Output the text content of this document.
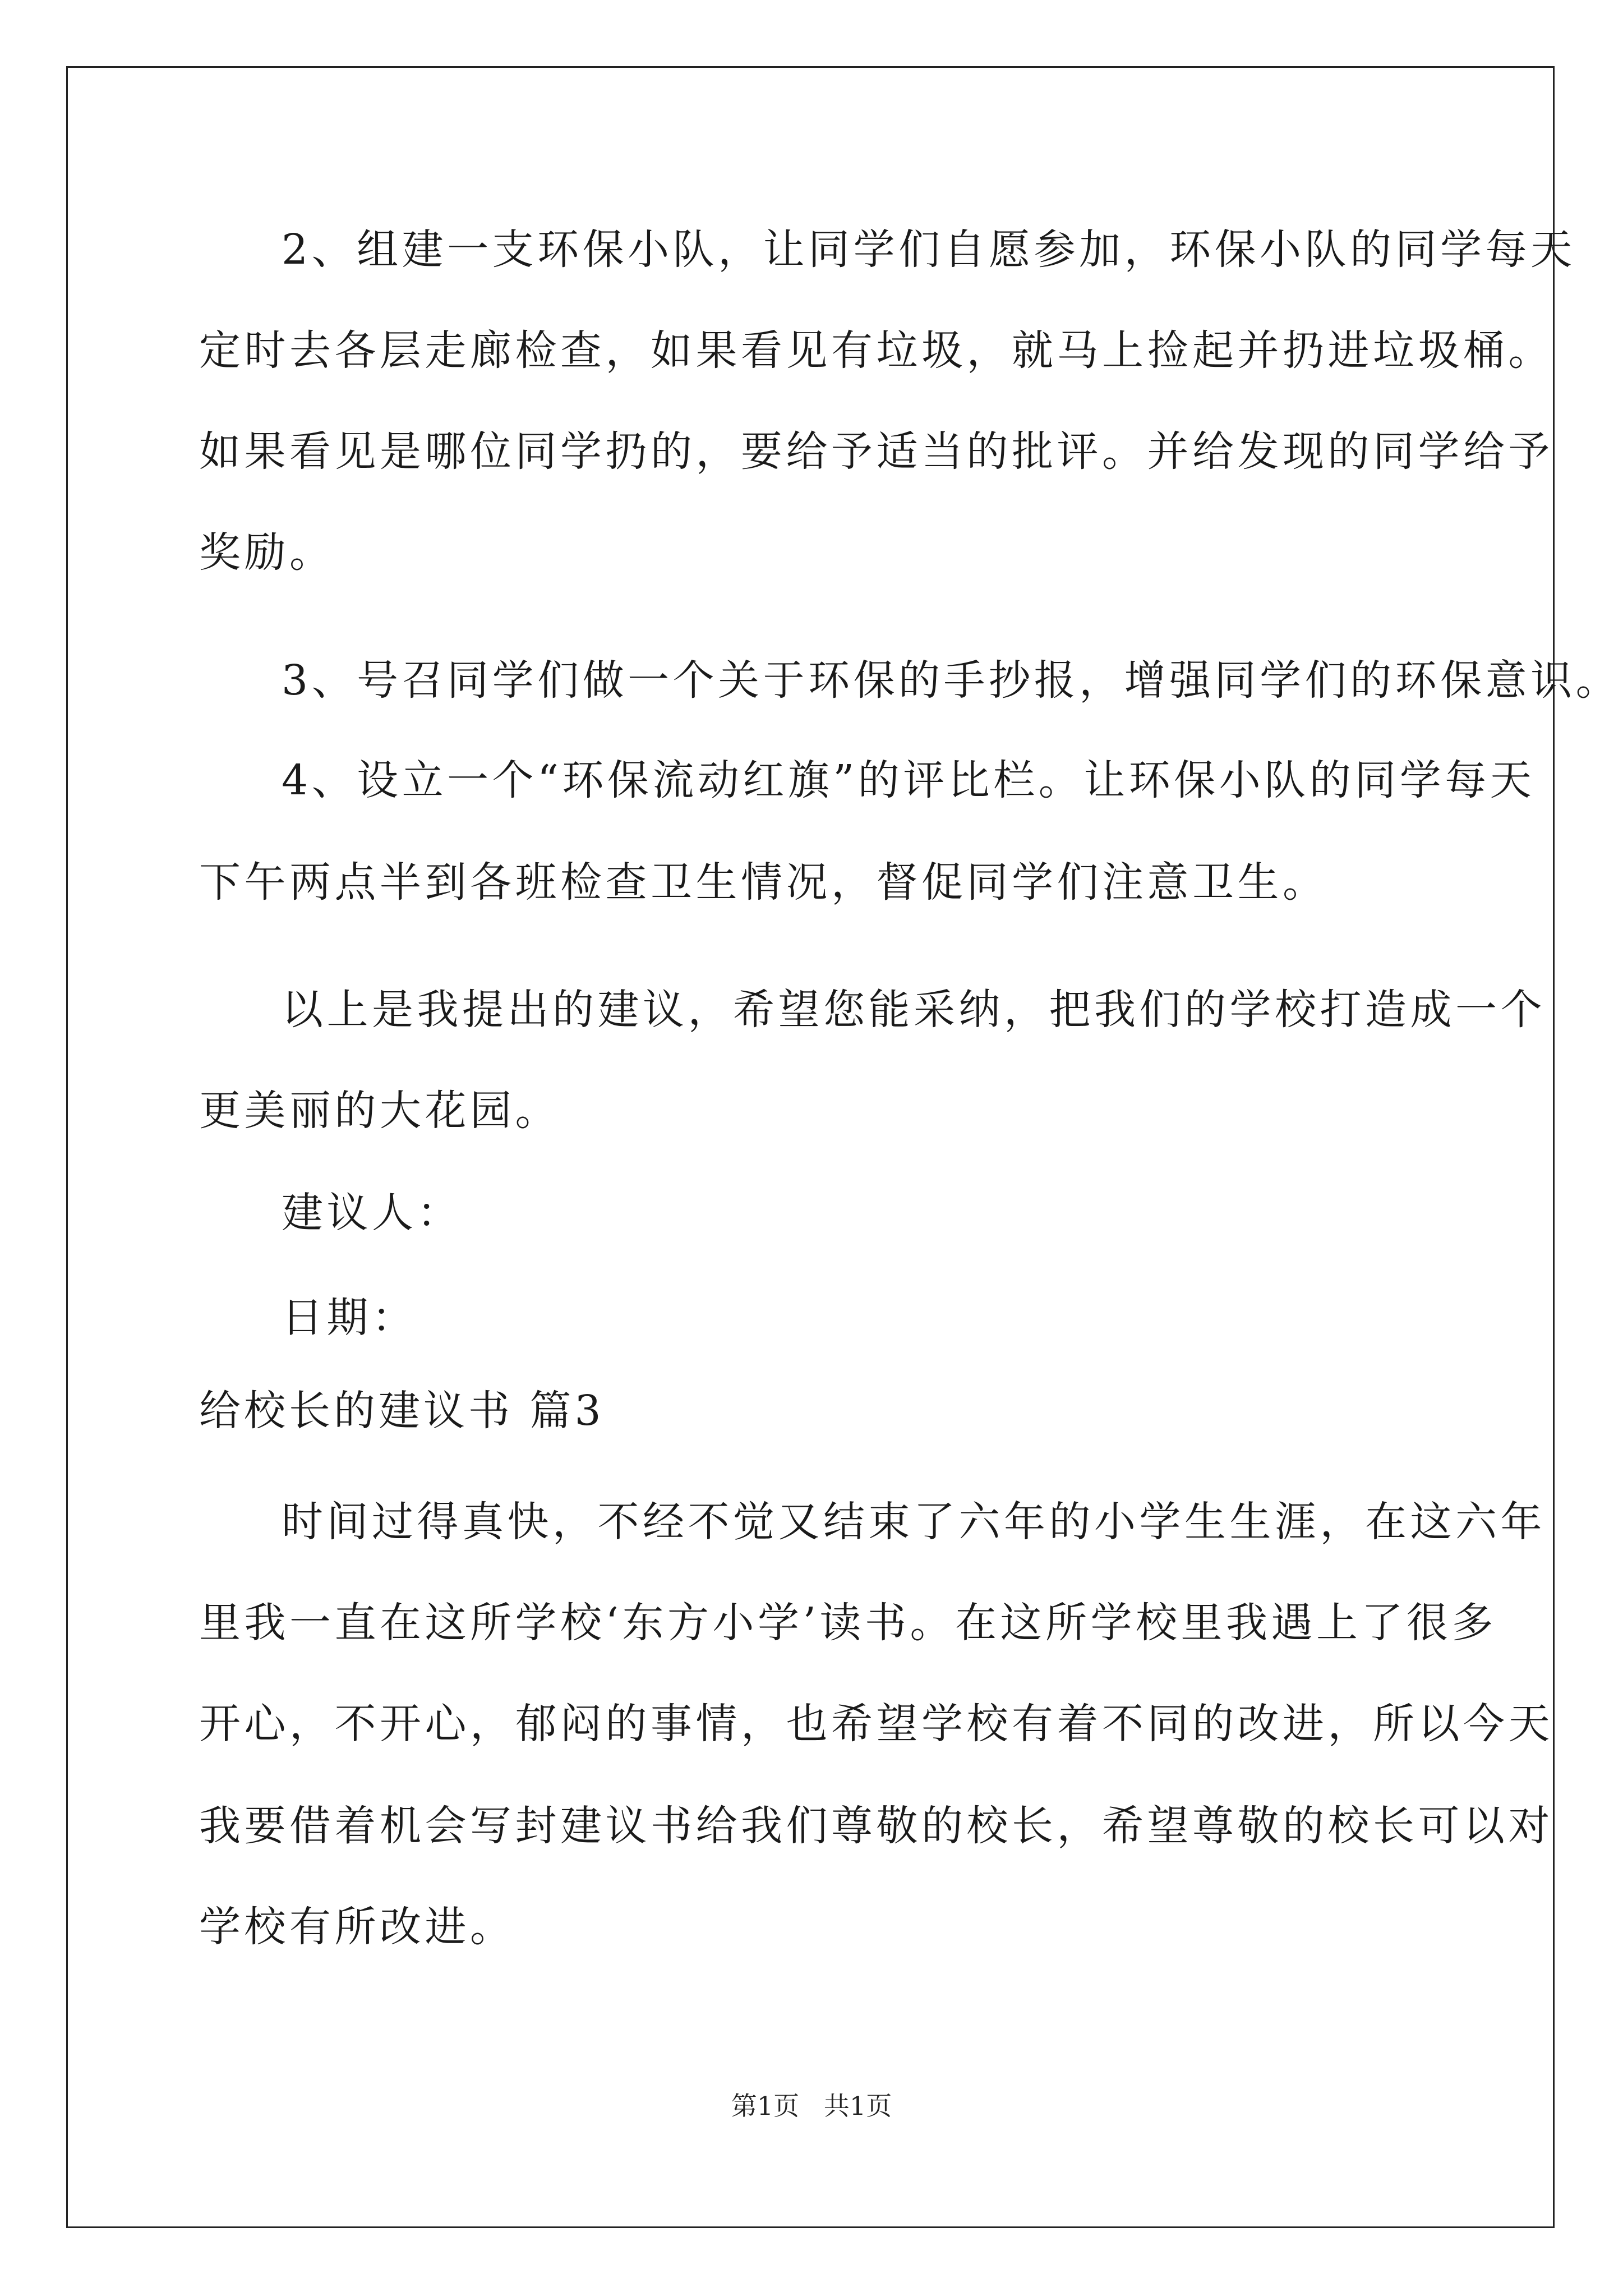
2、组建一支环保小队，让同学们自愿参加，环保小队的同学每天
定时去各层走廊检查，如果看见有垃圾，就马上捡起并扔进垃圾桶。
如果看见是哪位同学扔的，要给予适当的批评。并给发现的同学给予
奖励。
3、号召同学们做一个关于环保的手抄报，增强同学们的环保意识。
4、设立一个“环保流动红旗”的评比栏。让环保小队的同学每天
下午两点半到各班检查卫生情况，督促同学们注意卫生。
以上是我提出的建议，希望您能采纳，把我们的学校打造成一个
更美丽的大花园。
建议人：
日期：
给校长的建议书 篇3
时间过得真快，不经不觉又结束了六年的小学生生涯，在这六年
里我一直在这所学校‘东方小学’读书。在这所学校里我遇上了很多
开心，不开心，郁闷的事情，也希望学校有着不同的改进，所以今天
我要借着机会写封建议书给我们尊敬的校长，希望尊敬的校长可以对
学校有所改进。
第1页   共1页
